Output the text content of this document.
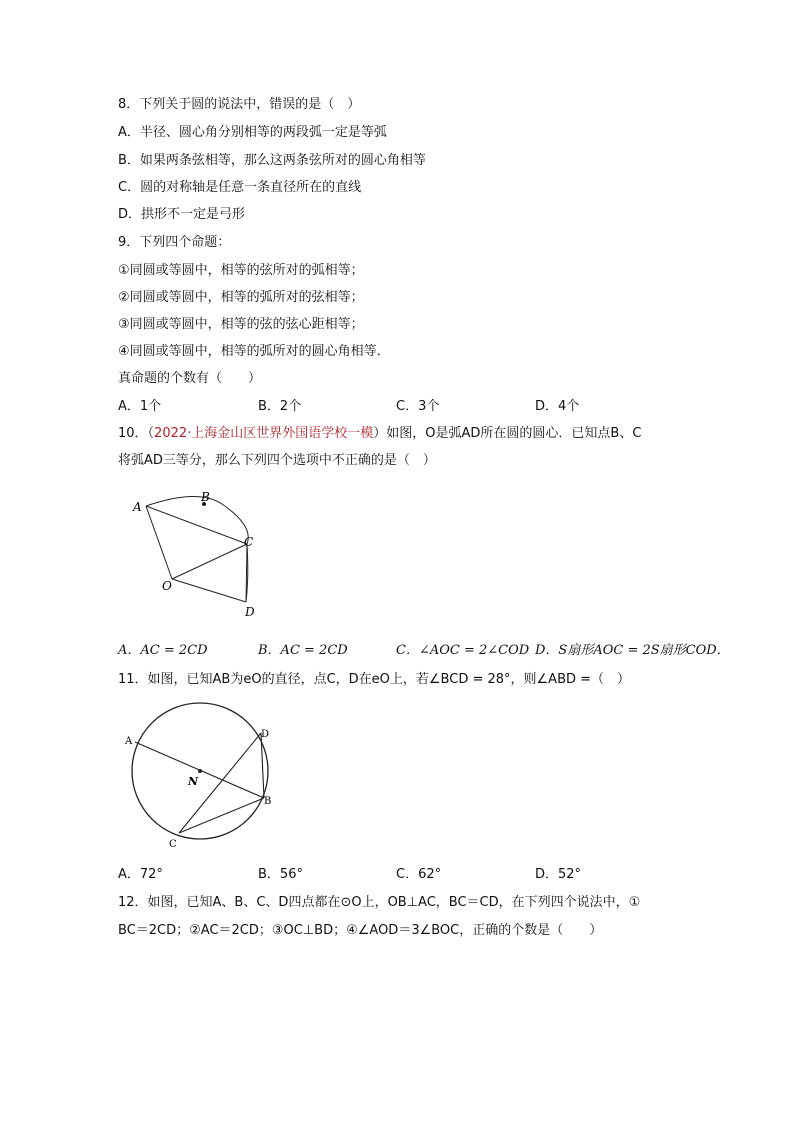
8．下列关于圆的说法中，错误的是（　）
A．半径、圆心角分别相等的两段弧一定是等弧
B．如果两条弦相等，那么这两条弦所对的圆心角相等
C．圆的对称轴是任意一条直径所在的直线
D．拱形不一定是弓形
9．下列四个命题：
①同圆或等圆中，相等的弦所对的弧相等；
②同圆或等圆中，相等的弧所对的弦相等；
③同圆或等圆中，相等的弦的弦心距相等；
④同圆或等圆中，相等的弧所对的圆心角相等．
真命题的个数有（　　）
A．1个	B．2个	C．3个	D．4个
10．（2022·上海金山区世界外国语学校一模）如图，O是弧AD所在圆的圆心．已知点B、C
将弧AD三等分，那么下列四个选项中不正确的是（　）
A
B
C
O
D
A．AC = 2CD	B．AC = 2CD	C．∠AOC = 2∠COD D．S扇形AOC = 2S扇形COD．
11．如图，已知AB为eO的直径，点C，D在eO上，若∠BCD = 28°，则∠ABD =（　）
A
D
N
B
C
A．72°	B．56°	C．62°	D．52°
12．如图，已知A、B、C、D四点都在⊙O上，OB⊥AC，BC＝CD，在下列四个说法中，①
BC＝2CD；②AC＝2CD；③OC⊥BD；④∠AOD＝3∠BOC，正确的个数是（　　）
